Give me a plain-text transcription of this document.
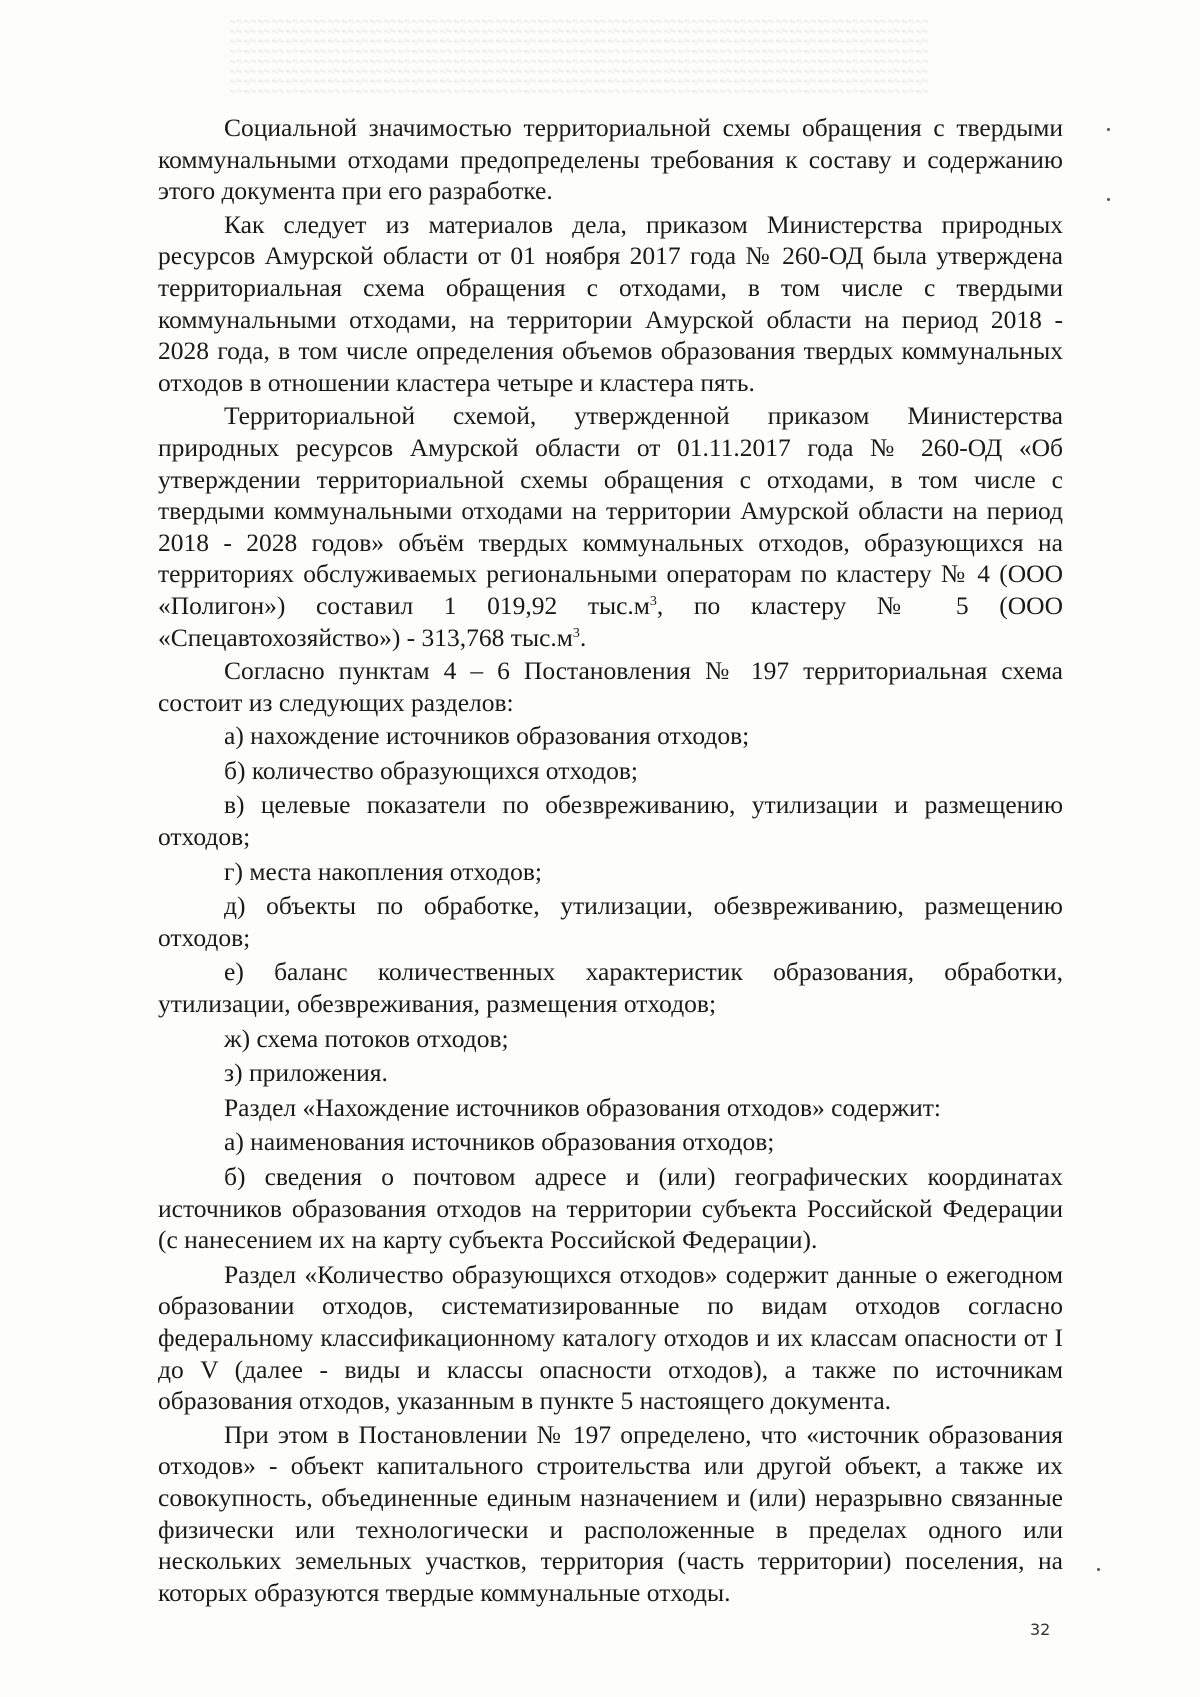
Социальной значимостью территориальной схемы обращения с твердыми коммунальными отходами предопределены требования к составу и содержанию этого документа при его разработке.

Как следует из материалов дела, приказом Министерства природных ресурсов Амурской области от 01 ноября 2017 года № 260-ОД была утверждена территориальная схема обращения с отходами, в том числе с твердыми коммунальными отходами, на территории Амурской области на период 2018 - 2028 года, в том числе определения объемов образования твердых коммунальных отходов в отношении кластера четыре и кластера пять.

Территориальной схемой, утвержденной приказом Министерства природных ресурсов Амурской области от 01.11.2017 года № 260-ОД «Об утверждении территориальной схемы обращения с отходами, в том числе с твердыми коммунальными отходами на территории Амурской области на период 2018 - 2028 годов» объём твердых коммунальных отходов, образующихся на территориях обслуживаемых региональными операторам по кластеру № 4 (ООО «Полигон») составил 1 019,92 $тыс.м^3$, по кластеру № 5 (ООО «Спецавтохозяйство») - 313,768 $тыс.м^3$.

Согласно пунктам 4 – 6 Постановления № 197 территориальная схема состоит из следующих разделов:

а) нахождение источников образования отходов;

б) количество образующихся отходов;

в) целевые показатели по обезвреживанию, утилизации и размещению отходов;

г) места накопления отходов;

д) объекты по обработке, утилизации, обезвреживанию, размещению отходов;

е) баланс количественных характеристик образования, обработки, утилизации, обезвреживания, размещения отходов;

ж) схема потоков отходов;

з) приложения.

Раздел «Нахождение источников образования отходов» содержит:

а) наименования источников образования отходов;

б) сведения о почтовом адресе и (или) географических координатах источников образования отходов на территории субъекта Российской Федерации (с нанесением их на карту субъекта Российской Федерации).

Раздел «Количество образующихся отходов» содержит данные о ежегодном образовании отходов, систематизированные по видам отходов согласно федеральному классификационному каталогу отходов и их классам опасности от I до V (далее - виды и классы опасности отходов), а также по источникам образования отходов, указанным в пункте 5 настоящего документа.

При этом в Постановлении № 197 определено, что «источник образования отходов» - объект капитального строительства или другой объект, а также их совокупность, объединенные единым назначением и (или) неразрывно связанные физически или технологически и расположенные в пределах одного или нескольких земельных участков, территория (часть территории) поселения, на которых образуются твердые коммунальные отходы.

32
